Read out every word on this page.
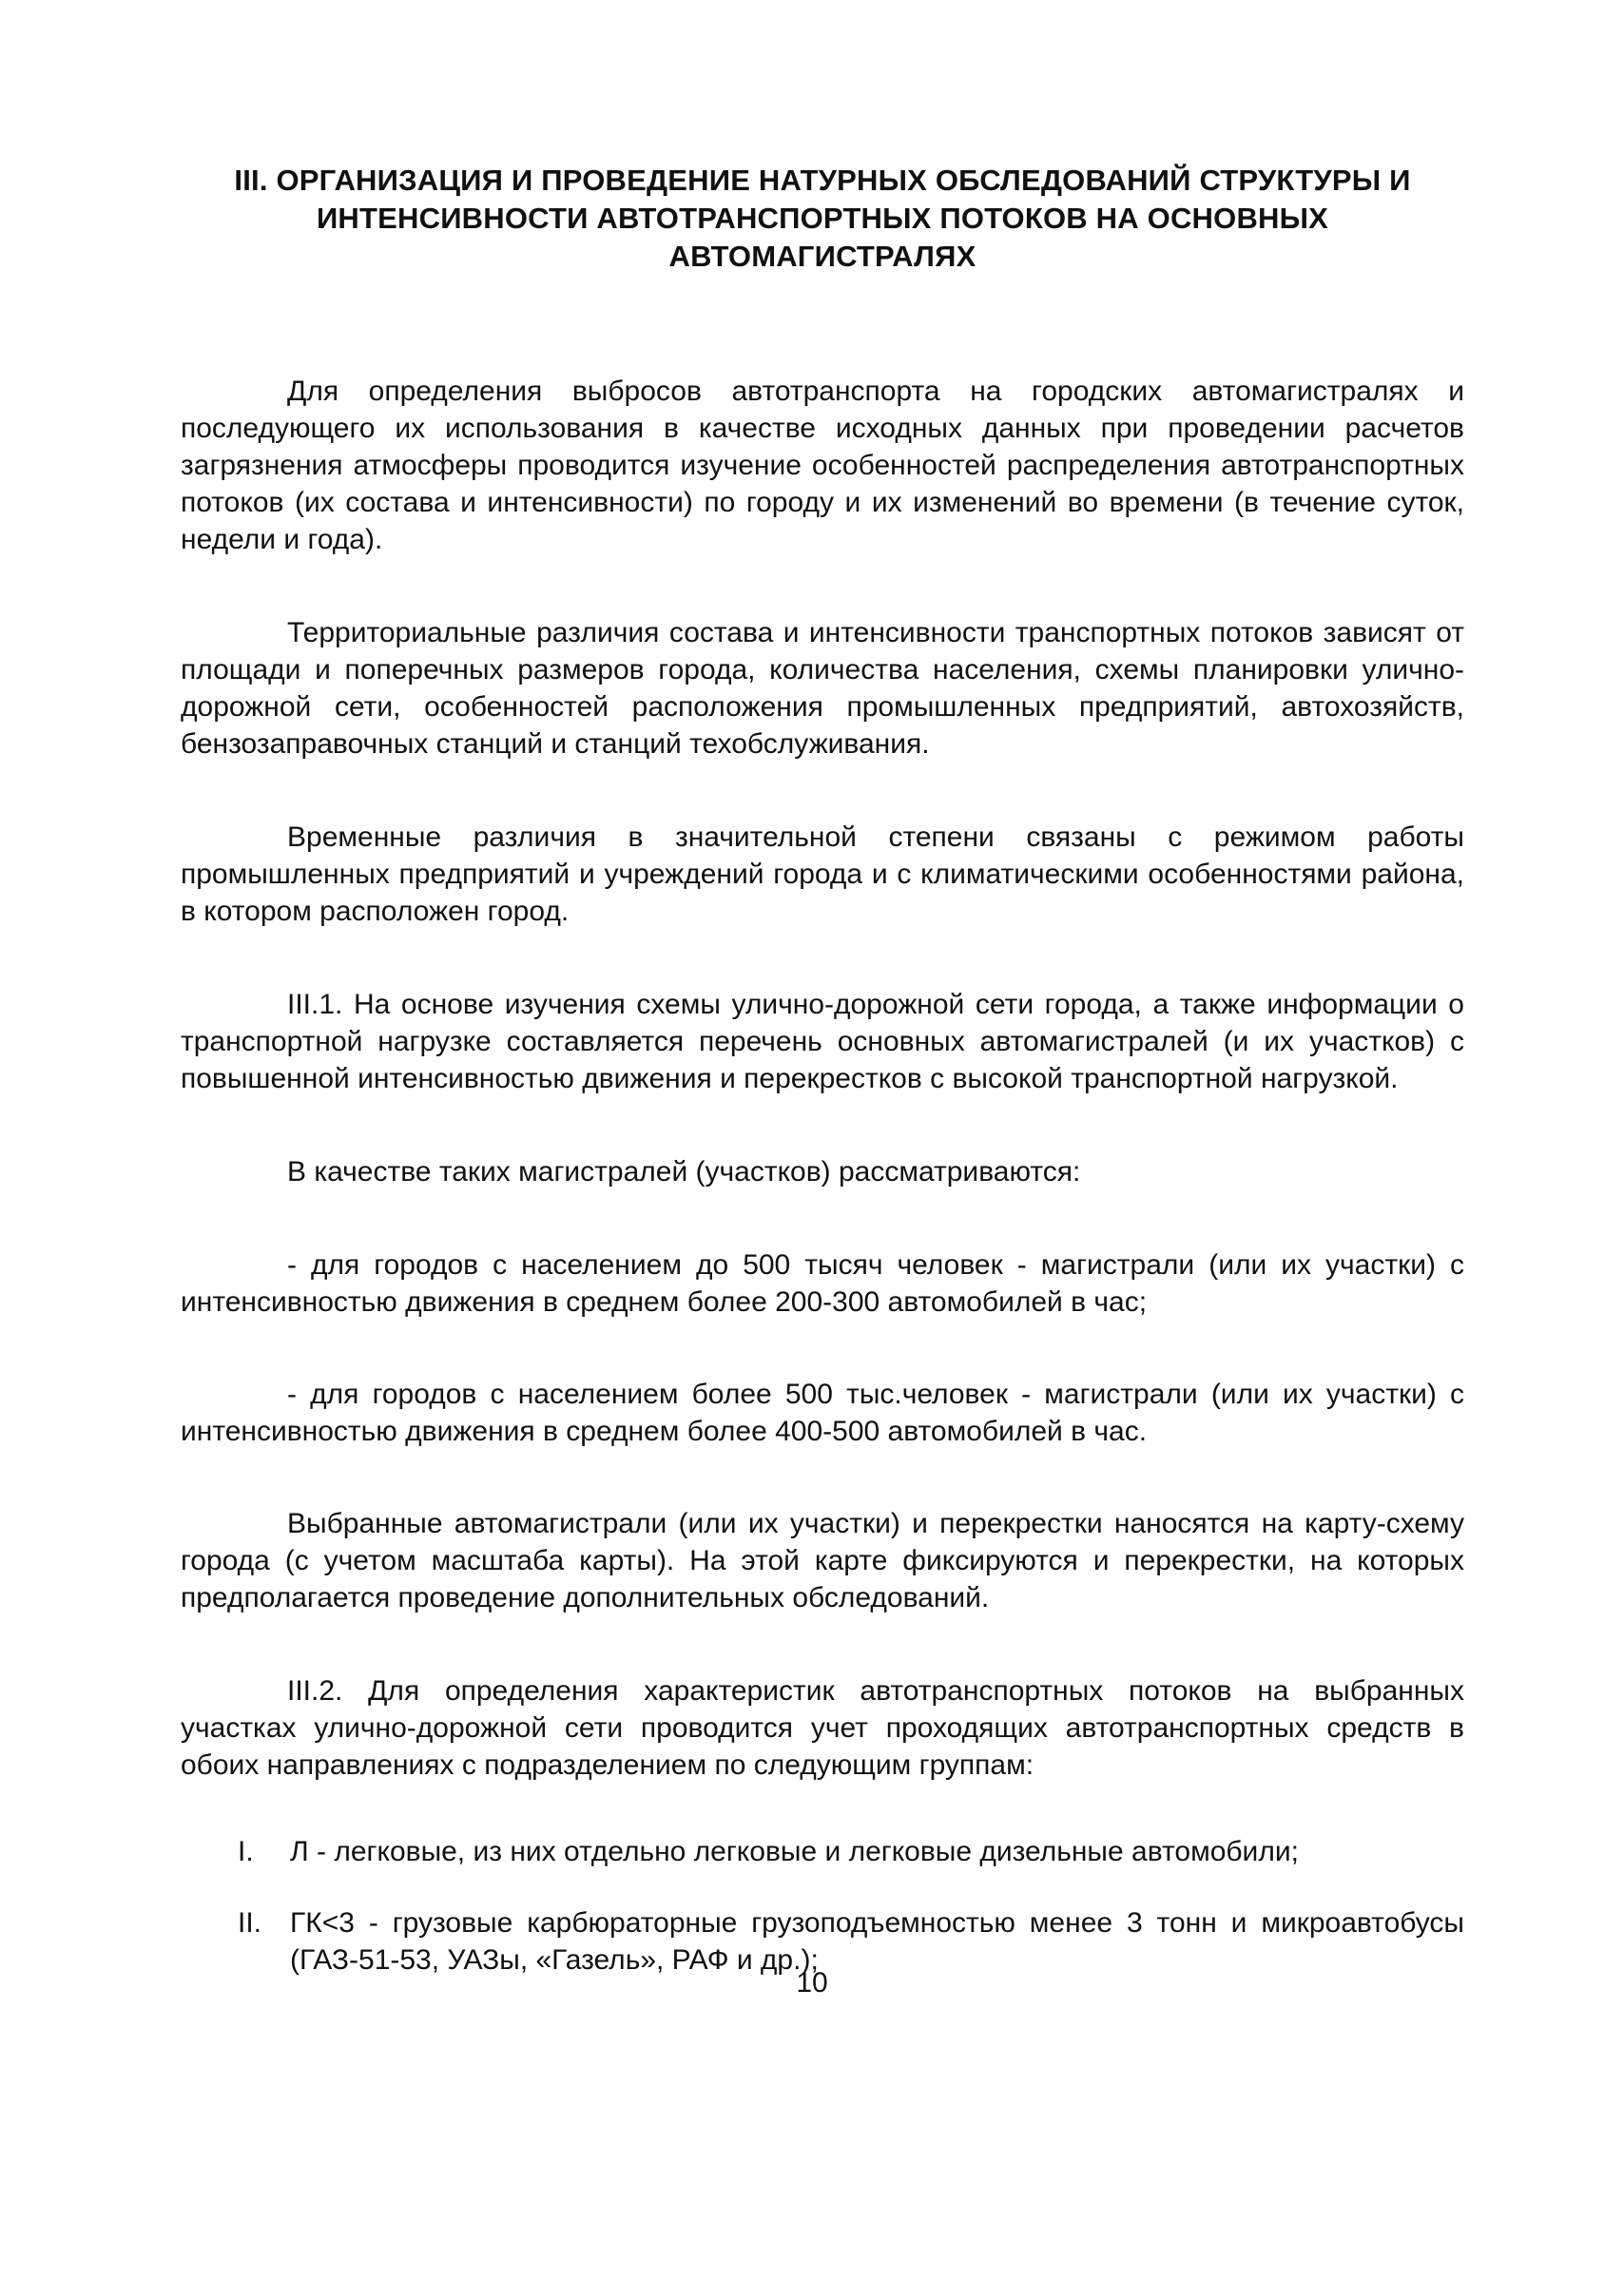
III. ОРГАНИЗАЦИЯ И ПРОВЕДЕНИЕ НАТУРНЫХ ОБСЛЕДОВАНИЙ СТРУКТУРЫ И
ИНТЕНСИВНОСТИ АВТОТРАНСПОРТНЫХ ПОТОКОВ НА ОСНОВНЫХ
АВТОМАГИСТРАЛЯХ

Для определения выбросов автотранспорта на городских автомагистралях и последующего их использования в качестве исходных данных при проведении расчетов загрязнения атмосферы проводится изучение особенностей распределения автотранспортных потоков (их состава и интенсивности) по городу и их изменений во времени (в течение суток, недели и года).

Территориальные различия состава и интенсивности транспортных потоков зависят от площади и поперечных размеров города, количества населения, схемы планировки улично-дорожной сети, особенностей расположения промышленных предприятий, автохозяйств, бензозаправочных станций и станций техобслуживания.

Временные различия в значительной степени связаны с режимом работы промышленных предприятий и учреждений города и с климатическими особенностями района, в котором расположен город.

III.1. На основе изучения схемы улично-дорожной сети города, а также информации о транспортной нагрузке составляется перечень основных автомагистралей (и их участков) с повышенной интенсивностью движения и перекрестков с высокой транспортной нагрузкой.

В качестве таких магистралей (участков) рассматриваются:

- для городов с населением до 500 тысяч человек - магистрали (или их участки) с интенсивностью движения в среднем более 200-300 автомобилей в час;

- для городов с населением более 500 тыс.человек - магистрали (или их участки) с интенсивностью движения в среднем более 400-500 автомобилей в час.

Выбранные автомагистрали (или их участки) и перекрестки наносятся на карту-схему города (с учетом масштаба карты). На этой карте фиксируются и перекрестки, на которых предполагается проведение дополнительных обследований.

III.2. Для определения характеристик автотранспортных потоков на выбранных участках улично-дорожной сети проводится учет проходящих автотранспортных средств в обоих направлениях с подразделением по следующим группам:

I.	Л - легковые, из них отдельно легковые и легковые дизельные автомобили;
II. ГК<3 - грузовые карбюраторные грузоподъемностью менее 3 тонн и микроавтобусы (ГАЗ-51-53, УАЗы, «Газель», РАФ и др.);
10
